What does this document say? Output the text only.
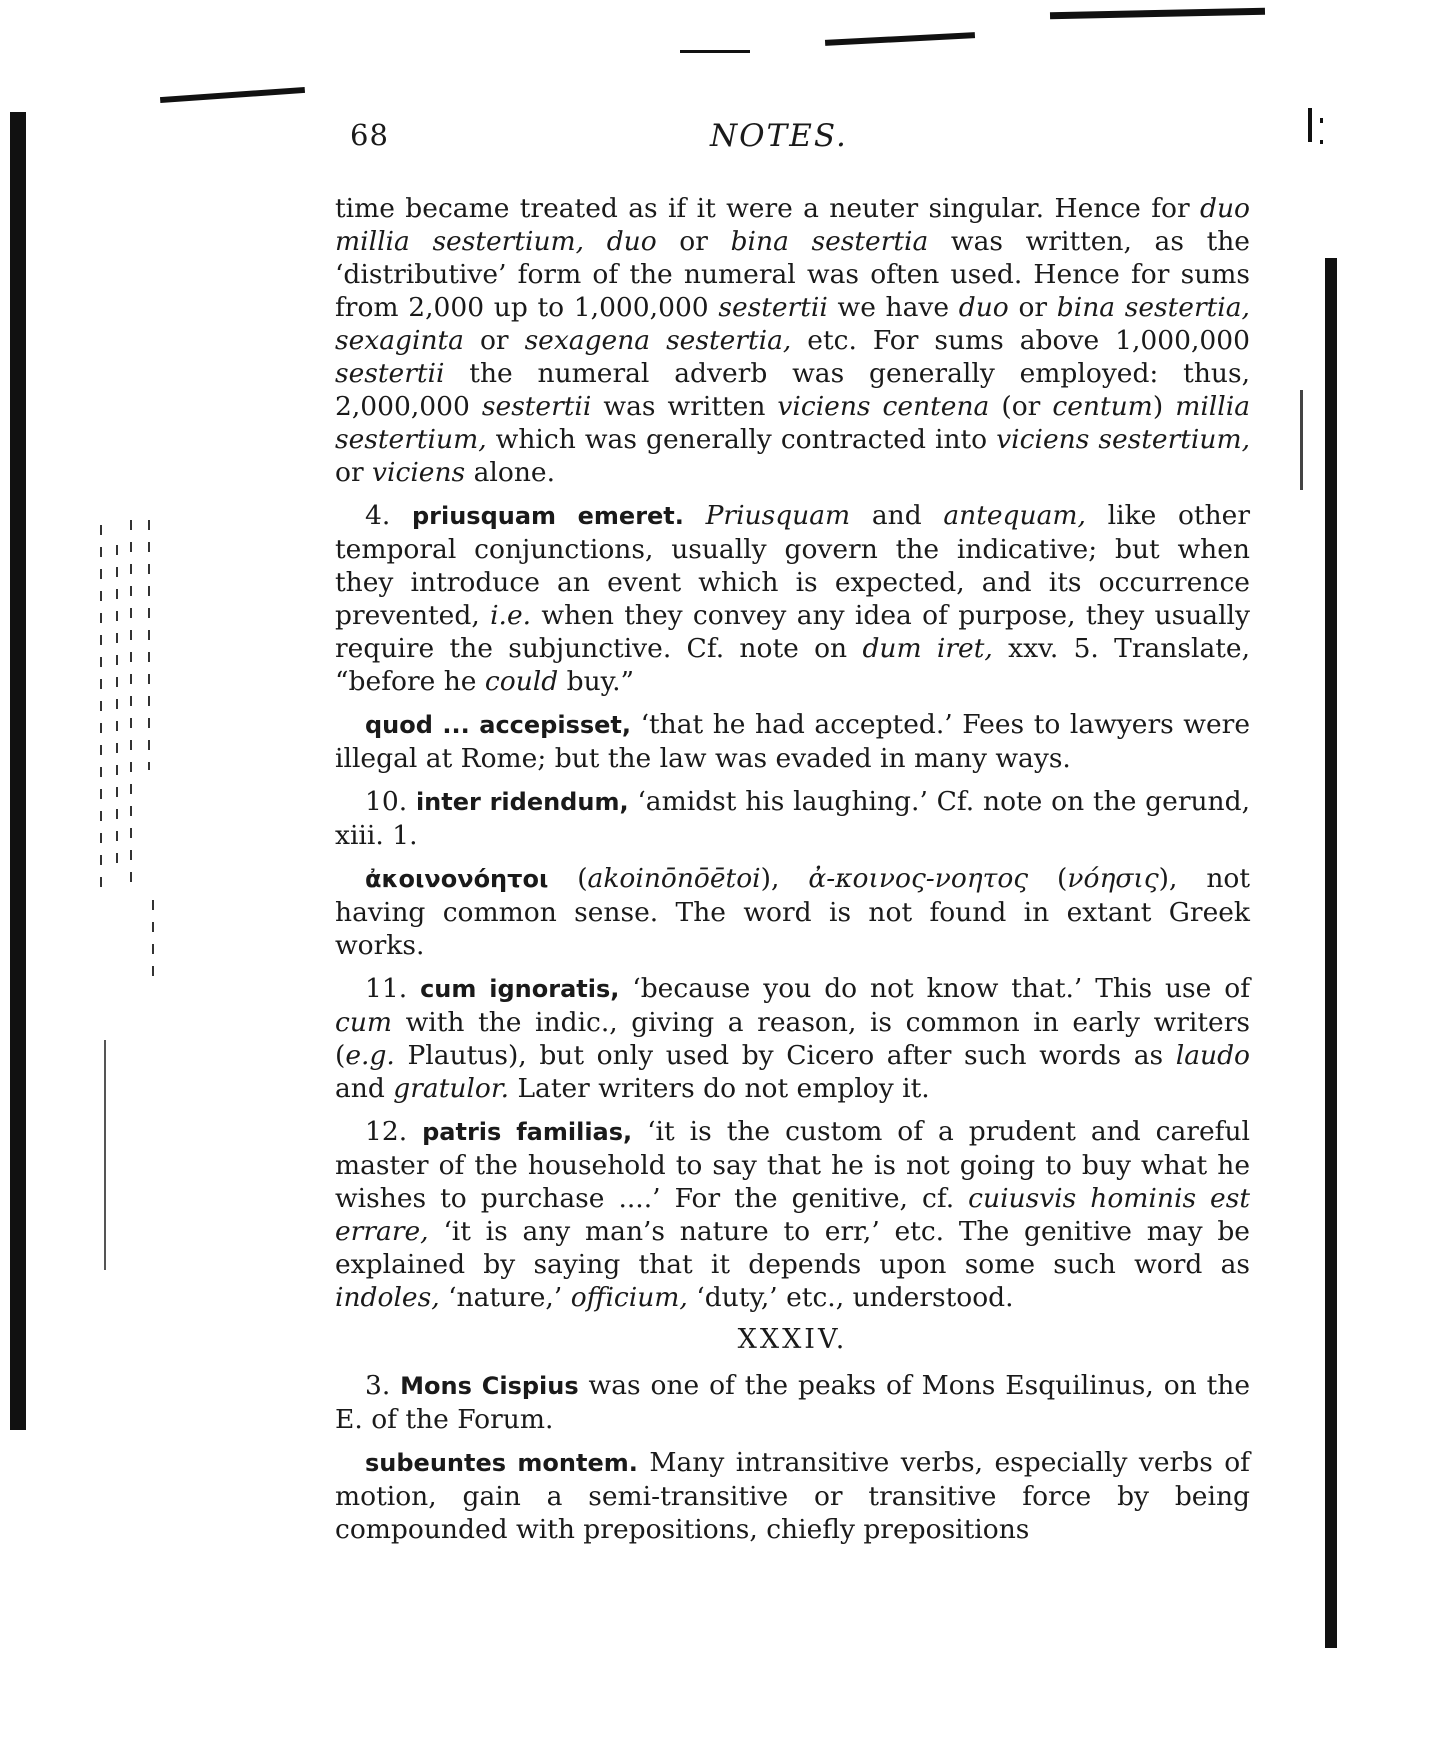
68	NOTES.

time became treated as if it were a neuter singular. Hence for duo millia sestertium, duo or bina sestertia was written, as the ‘distributive’ form of the numeral was often used. Hence for sums from 2,000 up to 1,000,000 sestertii we have duo or bina sestertia, sexaginta or sexagena sestertia, etc. For sums above 1,000,000 sestertii the numeral adverb was generally employed: thus, 2,000,000 sestertii was written viciens centena (or centum) millia sestertium, which was generally contracted into viciens sestertium, or viciens alone.

4. priusquam emeret. Priusquam and antequam, like other temporal conjunctions, usually govern the indicative; but when they introduce an event which is expected, and its occurrence prevented, i.e. when they convey any idea of purpose, they usually require the subjunctive. Cf. note on dum iret, xxv. 5. Translate, “before he could buy.”

quod ... accepisset, ‘that he had accepted.’ Fees to lawyers were illegal at Rome; but the law was evaded in many ways.

10. inter ridendum, ‘amidst his laughing.’ Cf. note on the gerund, xiii. 1.

ἀκοινονόητοι (akoinōnōētoi), ἀ-κοινος-νοητος (νόησις), not having common sense. The word is not found in extant Greek works.

11. cum ignoratis, ‘because you do not know that.’ This use of cum with the indic., giving a reason, is common in early writers (e.g. Plautus), but only used by Cicero after such words as laudo and gratulor. Later writers do not employ it.

12. patris familias, ‘it is the custom of a prudent and careful master of the household to say that he is not going to buy what he wishes to purchase ....’ For the genitive, cf. cuiusvis hominis est errare, ‘it is any man’s nature to err,’ etc. The genitive may be explained by saying that it depends upon some such word as indoles, ‘nature,’ officium, ‘duty,’ etc., understood.

XXXIV.

3. Mons Cispius was one of the peaks of Mons Esquilinus, on the E. of the Forum.

subeuntes montem. Many intransitive verbs, especially verbs of motion, gain a semi-transitive or transitive force by being compounded with prepositions, chiefly prepositions
